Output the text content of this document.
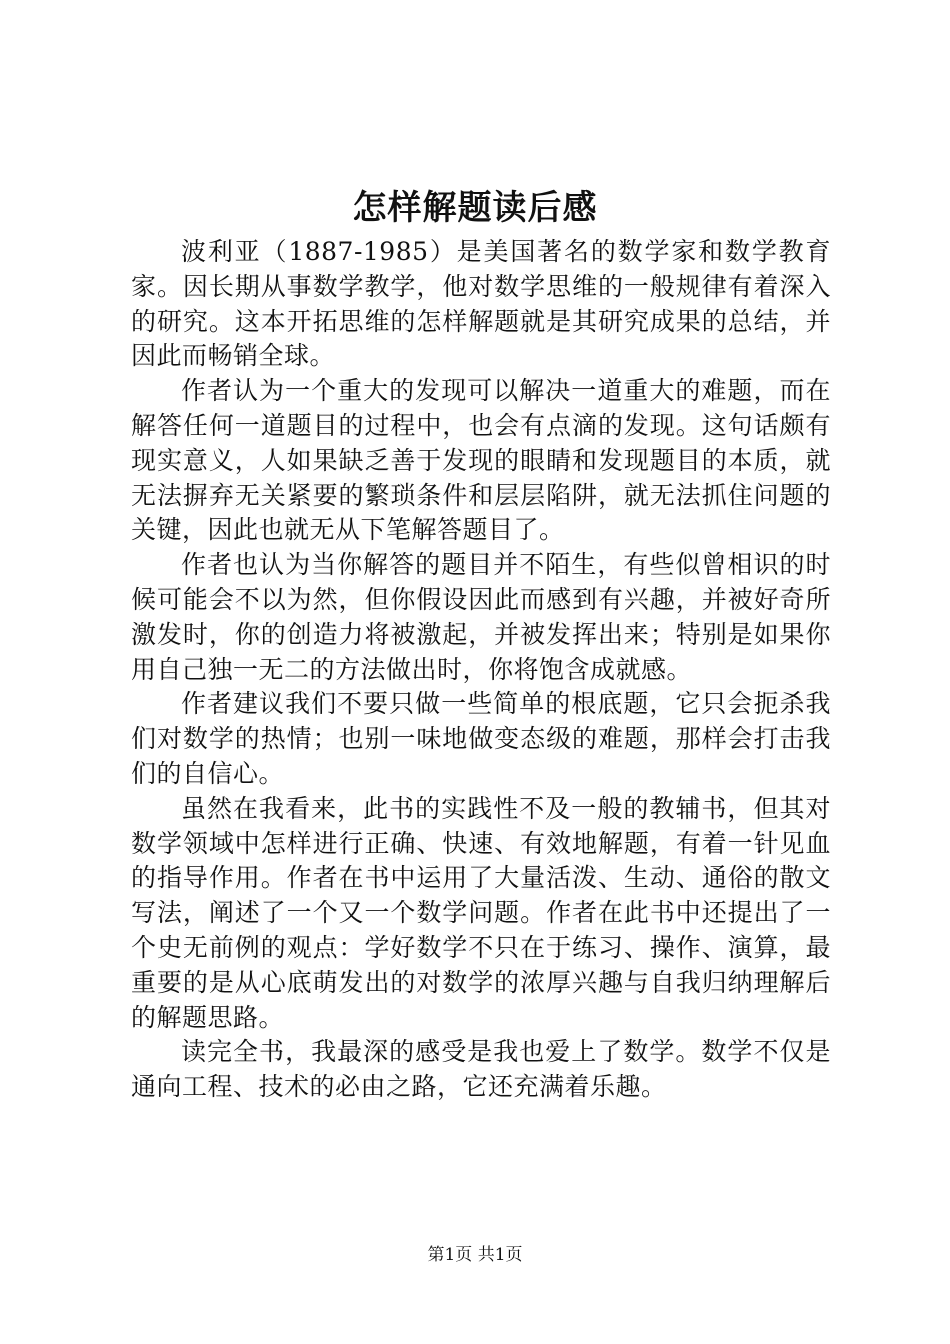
怎样解题读后感

波利亚（1887-1985）是美国著名的数学家和数学教育家。因长期从事数学教学，他对数学思维的一般规律有着深入的研究。这本开拓思维的怎样解题就是其研究成果的总结，并因此而畅销全球。

作者认为一个重大的发现可以解决一道重大的难题，而在解答任何一道题目的过程中，也会有点滴的发现。这句话颇有现实意义，人如果缺乏善于发现的眼睛和发现题目的本质，就无法摒弃无关紧要的繁琐条件和层层陷阱，就无法抓住问题的关键，因此也就无从下笔解答题目了。

作者也认为当你解答的题目并不陌生，有些似曾相识的时候可能会不以为然，但你假设因此而感到有兴趣，并被好奇所激发时，你的创造力将被激起，并被发挥出来；特别是如果你用自己独一无二的方法做出时，你将饱含成就感。

作者建议我们不要只做一些简单的根底题，它只会扼杀我们对数学的热情；也别一味地做变态级的难题，那样会打击我们的自信心。

虽然在我看来，此书的实践性不及一般的教辅书，但其对数学领域中怎样进行正确、快速、有效地解题，有着一针见血的指导作用。作者在书中运用了大量活泼、生动、通俗的散文写法，阐述了一个又一个数学问题。作者在此书中还提出了一个史无前例的观点：学好数学不只在于练习、操作、演算，最重要的是从心底萌发出的对数学的浓厚兴趣与自我归纳理解后的解题思路。

读完全书，我最深的感受是我也爱上了数学。数学不仅是通向工程、技术的必由之路，它还充满着乐趣。

第1页 共1页
